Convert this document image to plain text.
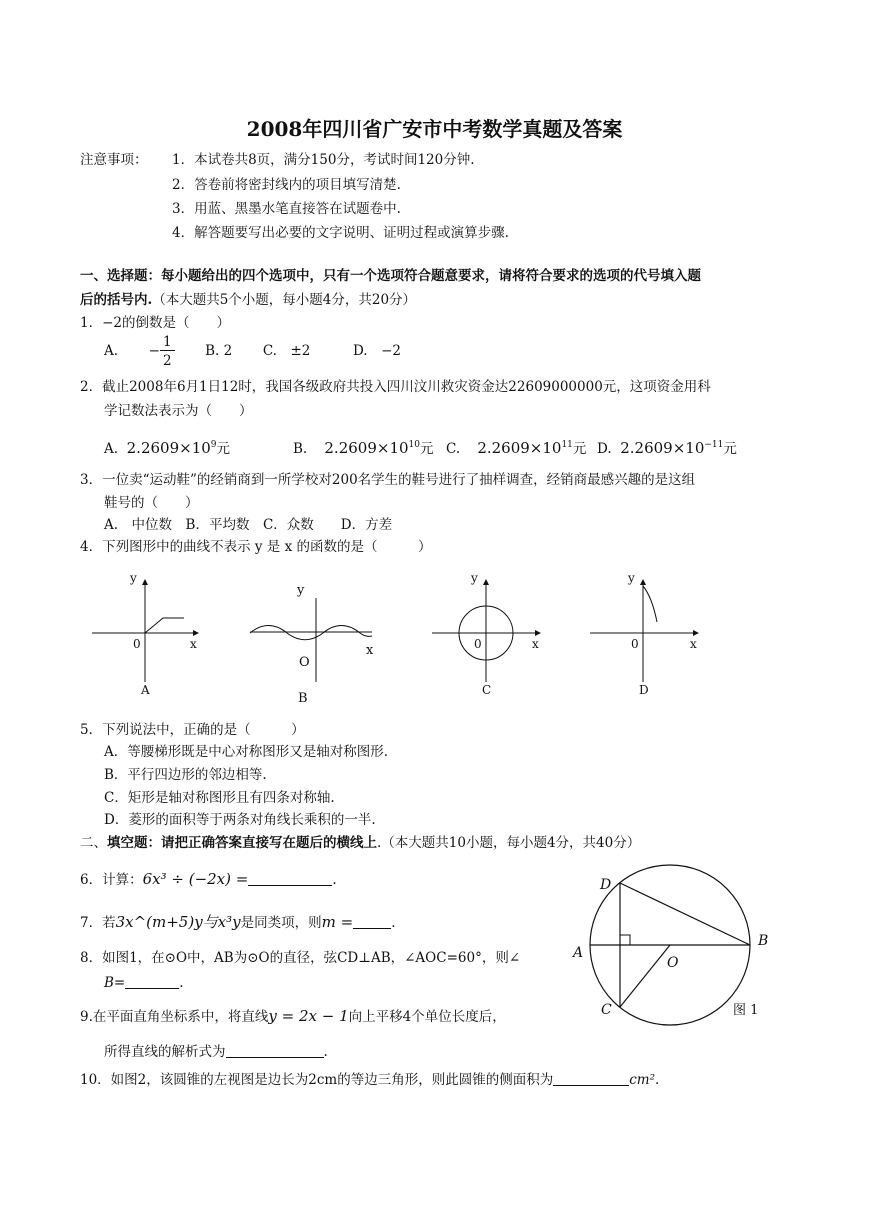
2008年四川省广安市中考数学真题及答案
注意事项： 1．本试卷共8页，满分150分，考试时间120分钟.
2．答卷前将密封线内的项目填写清楚.
3．用蓝、黑墨水笔直接答在试题卷中.
4．解答题要写出必要的文字说明、证明过程或演算步骤.
一、选择题：每小题给出的四个选项中，只有一个选项符合题意要求，请将符合要求的选项的代号填入题
后的括号内.（本大题共5个小题，每小题4分，共20分）
1．−2的倒数是（　　）
A. − $\frac{1}{2} B$. 2 C.　±2	D.　−2
2．截止2008年6月1日12时，我国各级政府共投入四川汶川救灾资金达22609000000元，这项资金用科
学记数法表示为（　　）
A. $2.2609\times 10^9$元	B. $2.2609\times 10^{10}$元 C. $2.2609\times 10^{11}$元 D. $2.2609\times 10^{-11}$元
3．一位卖“运动鞋”的经销商到一所学校对200名学生的鞋号进行了抽样调查，经销商最感兴趣的是这组
鞋号的（　　）
A.　中位数　B．平均数　C．众数　　D．方差
4．下列图形中的曲线不表示 y 是 x 的函数的是（　　　）
y
0	x
A
y
O
x
B
y
0	x
C
y
0	x
D
5．下列说法中，正确的是（　　　）
A．等腰梯形既是中心对称图形又是轴对称图形.
B．平行四边形的邻边相等.
C．矩形是轴对称图形且有四条对称轴.
D．菱形的面积等于两条对角线长乘积的一半.
二、填空题：请把正确答案直接写在题后的横线上.（本大题共10小题，每小题4分，共40分）
6．计算：6x³ ÷ (−2x) =	.
7．若3x^(m+5)y与x³y是同类项，则m =	.
8．如图1，在⊙O中，AB为⊙O的直径，弦CD⊥AB，∠AOC=60°，则∠
B=	.
9.在平面直角坐标系中，将直线y = 2x − 1向上平移4个单位长度后，
所得直线的解析式为	.
10．如图2，该圆锥的左视图是边长为2cm的等边三角形，则此圆锥的侧面积为	cm².
D
B
A
O
C	图 1
